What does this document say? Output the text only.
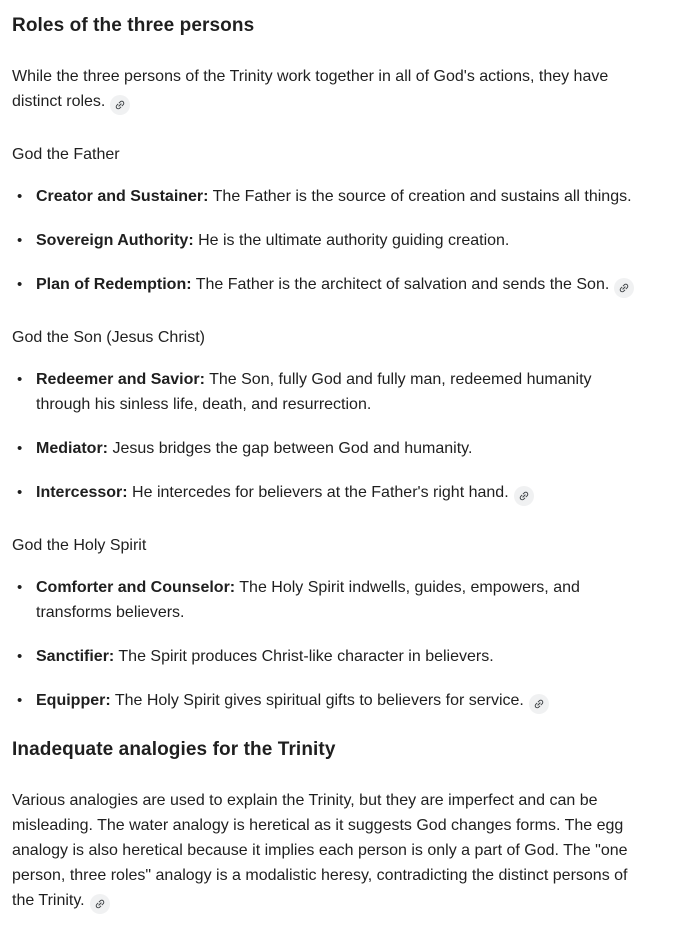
Roles of the three persons

While the three persons of the Trinity work together in all of God's actions, they have distinct roles.

God the Father
• Creator and Sustainer: The Father is the source of creation and sustains all things.
• Sovereign Authority: He is the ultimate authority guiding creation.
• Plan of Redemption: The Father is the architect of salvation and sends the Son.
God the Son (Jesus Christ)
• Redeemer and Savior: The Son, fully God and fully man, redeemed humanity through his sinless life, death, and resurrection.
• Mediator: Jesus bridges the gap between God and humanity.
• Intercessor: He intercedes for believers at the Father's right hand.
God the Holy Spirit
• Comforter and Counselor: The Holy Spirit indwells, guides, empowers, and transforms believers.
• Sanctifier: The Spirit produces Christ-like character in believers.
• Equipper: The Holy Spirit gives spiritual gifts to believers for service.
Inadequate analogies for the Trinity

Various analogies are used to explain the Trinity, but they are imperfect and can be misleading. The water analogy is heretical as it suggests God changes forms. The egg analogy is also heretical because it implies each person is only a part of God. The "one person, three roles" analogy is a modalistic heresy, contradicting the distinct persons of the Trinity.
